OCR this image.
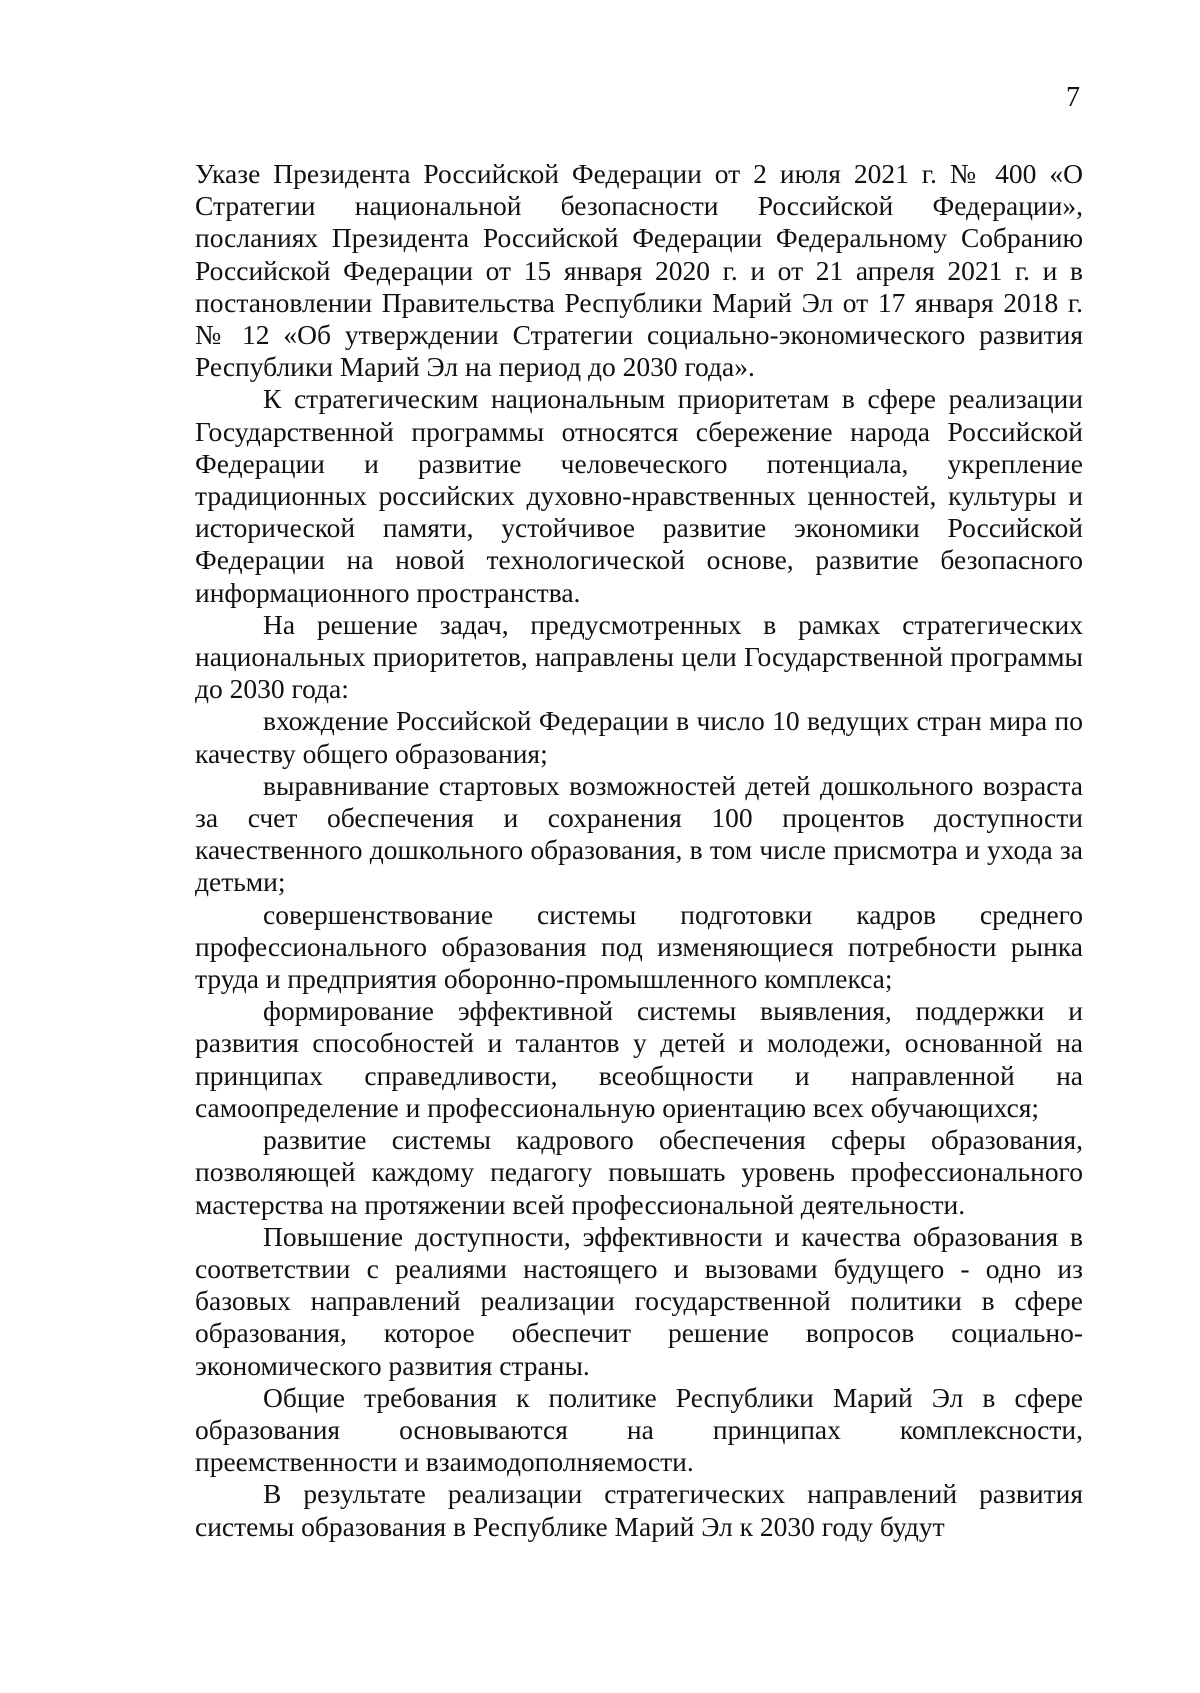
7

Указе Президента Российской Федерации от 2 июля 2021 г. № 400 «О Стратегии национальной безопасности Российской Федерации», посланиях Президента Российской Федерации Федеральному Собранию Российской Федерации от 15 января 2020 г. и от 21 апреля 2021 г. и в постановлении Правительства Республики Марий Эл от 17 января 2018 г. № 12 «Об утверждении Стратегии социально-экономического развития Республики Марий Эл на период до 2030 года».

К стратегическим национальным приоритетам в сфере реализации Государственной программы относятся сбережение народа Российской Федерации и развитие человеческого потенциала, укрепление традиционных российских духовно-нравственных ценностей, культуры и исторической памяти, устойчивое развитие экономики Российской Федерации на новой технологической основе, развитие безопасного информационного пространства.

На решение задач, предусмотренных в рамках стратегических национальных приоритетов, направлены цели Государственной программы до 2030 года:

вхождение Российской Федерации в число 10 ведущих стран мира по качеству общего образования;

выравнивание стартовых возможностей детей дошкольного возраста за счет обеспечения и сохранения 100 процентов доступности качественного дошкольного образования, в том числе присмотра и ухода за детьми;

совершенствование системы подготовки кадров среднего профессионального образования под изменяющиеся потребности рынка труда и предприятия оборонно-промышленного комплекса;

формирование эффективной системы выявления, поддержки и развития способностей и талантов у детей и молодежи, основанной на принципах справедливости, всеобщности и направленной на самоопределение и профессиональную ориентацию всех обучающихся;

развитие системы кадрового обеспечения сферы образования, позволяющей каждому педагогу повышать уровень профессионального мастерства на протяжении всей профессиональной деятельности.

Повышение доступности, эффективности и качества образования в соответствии с реалиями настоящего и вызовами будущего - одно из базовых направлений реализации государственной политики в сфере образования, которое обеспечит решение вопросов социально-экономического развития страны.

Общие требования к политике Республики Марий Эл в сфере образования основываются на принципах комплексности, преемственности и взаимодополняемости.

В результате реализации стратегических направлений развития системы образования в Республике Марий Эл к 2030 году будут
